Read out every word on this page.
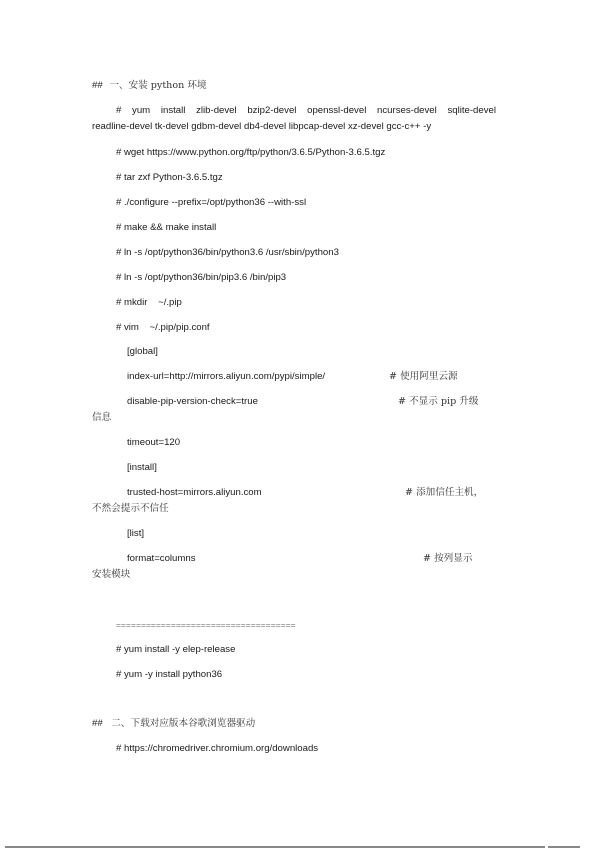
## 一、安装 python 环境
# yum install zlib-devel bzip2-devel openssl-devel ncurses-devel sqlite-devel
readline-devel tk-devel gdbm-devel db4-devel libpcap-devel xz-devel gcc-c++ -y
# wget https://www.python.org/ftp/python/3.6.5/Python-3.6.5.tgz
# tar zxf Python-3.6.5.tgz
# ./configure --prefix=/opt/python36 --with-ssl
# make && make install
# ln -s /opt/python36/bin/python3.6 /usr/sbin/python3
# ln -s /opt/python36/bin/pip3.6 /bin/pip3
# mkdir    ~/.pip
# vim    ~/.pip/pip.conf
[global]
index-url=http://mirrors.aliyun.com/pypi/simple/	# 使用阿里云源
disable-pip-version-check=true	# 不显示 pip 升级
信息
timeout=120
[install]
trusted-host=mirrors.aliyun.com	# 添加信任主机，
不然会提示不信任
[list]
format=columns	# 按列显示
安装模块
====================================
# yum install -y elep-release
# yum -y install python36
## 二、下载对应版本谷歌浏览器驱动
# https://chromedriver.chromium.org/downloads
